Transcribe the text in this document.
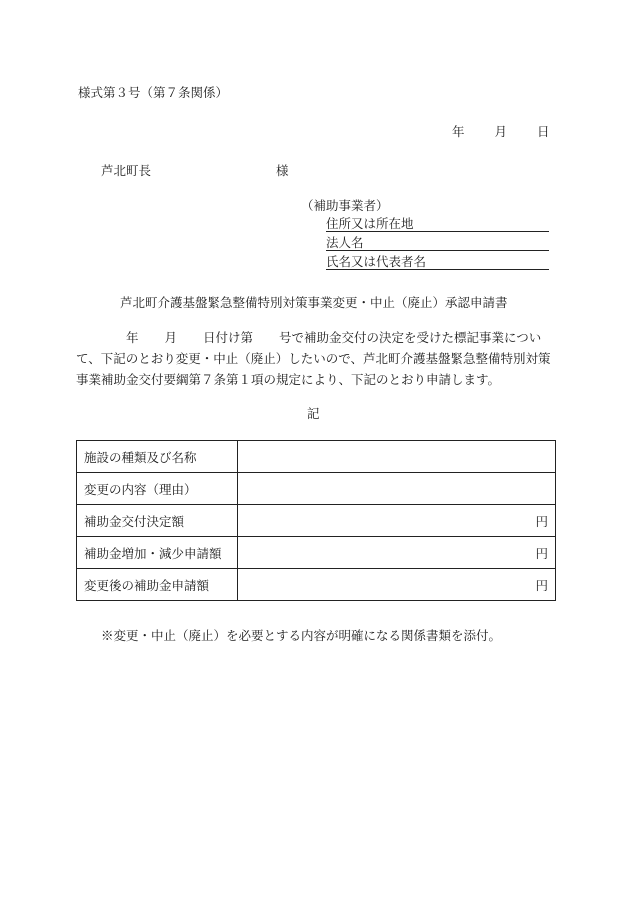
様式第３号（第７条関係）
年 月 日
芦北町長	様
（補助事業者）
住所又は所在地
法人名
氏名又は代表者名
芦北町介護基盤緊急整備特別対策事業変更・中止（廃止）承認申請書
年 月 日付け第 号で補助金交付の決定を受けた標記事業につい
て、下記のとおり変更・中止（廃止）したいので、芦北町介護基盤緊急整備特別対策
事業補助金交付要綱第７条第１項の規定により、下記のとおり申請します。
記
施設の種類及び名称	
変更の内容（理由）	
補助金交付決定額	円
補助金増加・減少申請額	円
変更後の補助金申請額	円
※変更・中止（廃止）を必要とする内容が明確になる関係書類を添付。
